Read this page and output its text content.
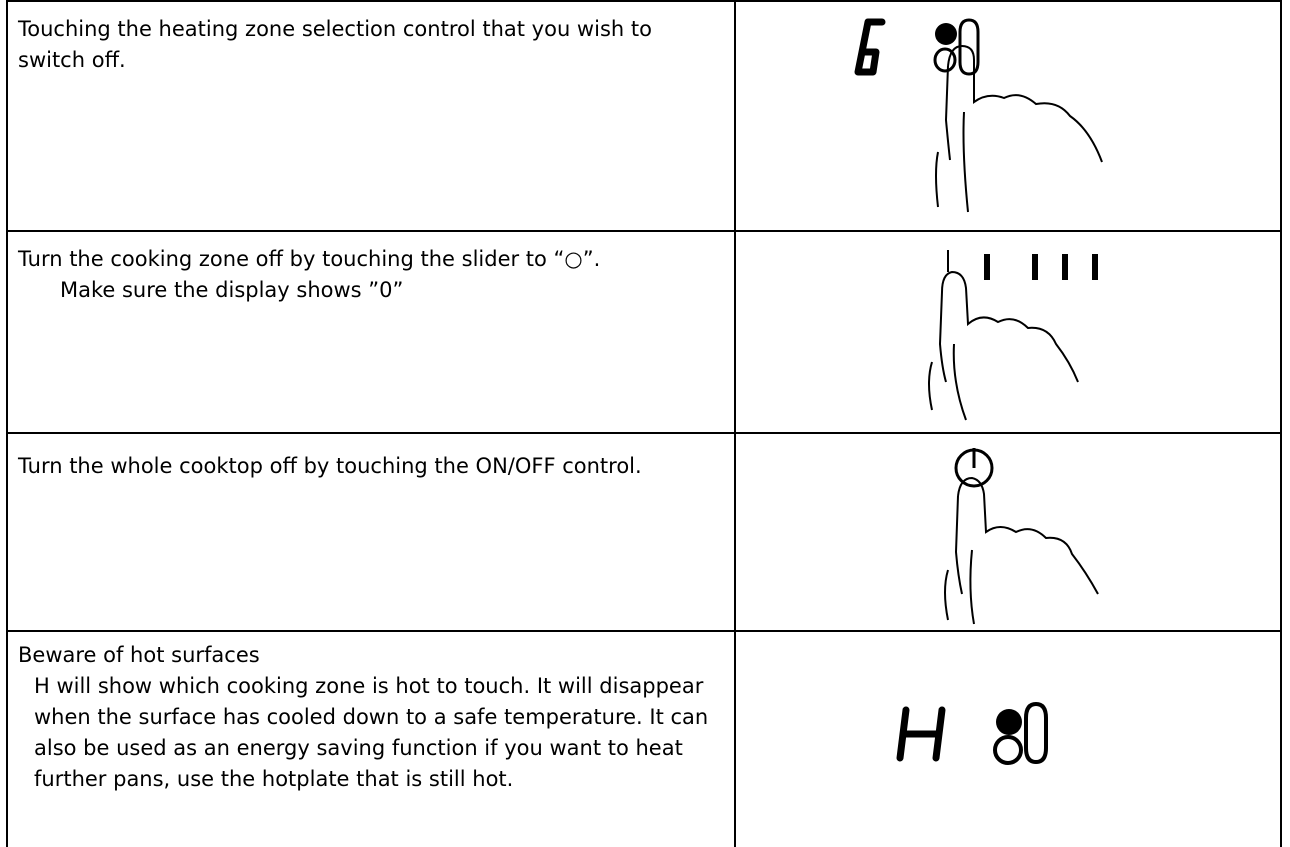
Touching the heating zone selection control that you wish to switch off.
Turn the cooking zone off by touching the slider to “○”.
Make sure the display shows ”0”
Turn the whole cooktop off by touching the ON/OFF control.
Beware of hot surfaces
H will show which cooking zone is hot to touch. It will disappear when the surface has cooled down to a safe temperature. It can also be used as an energy saving function if you want to heat further pans, use the hotplate that is still hot.
